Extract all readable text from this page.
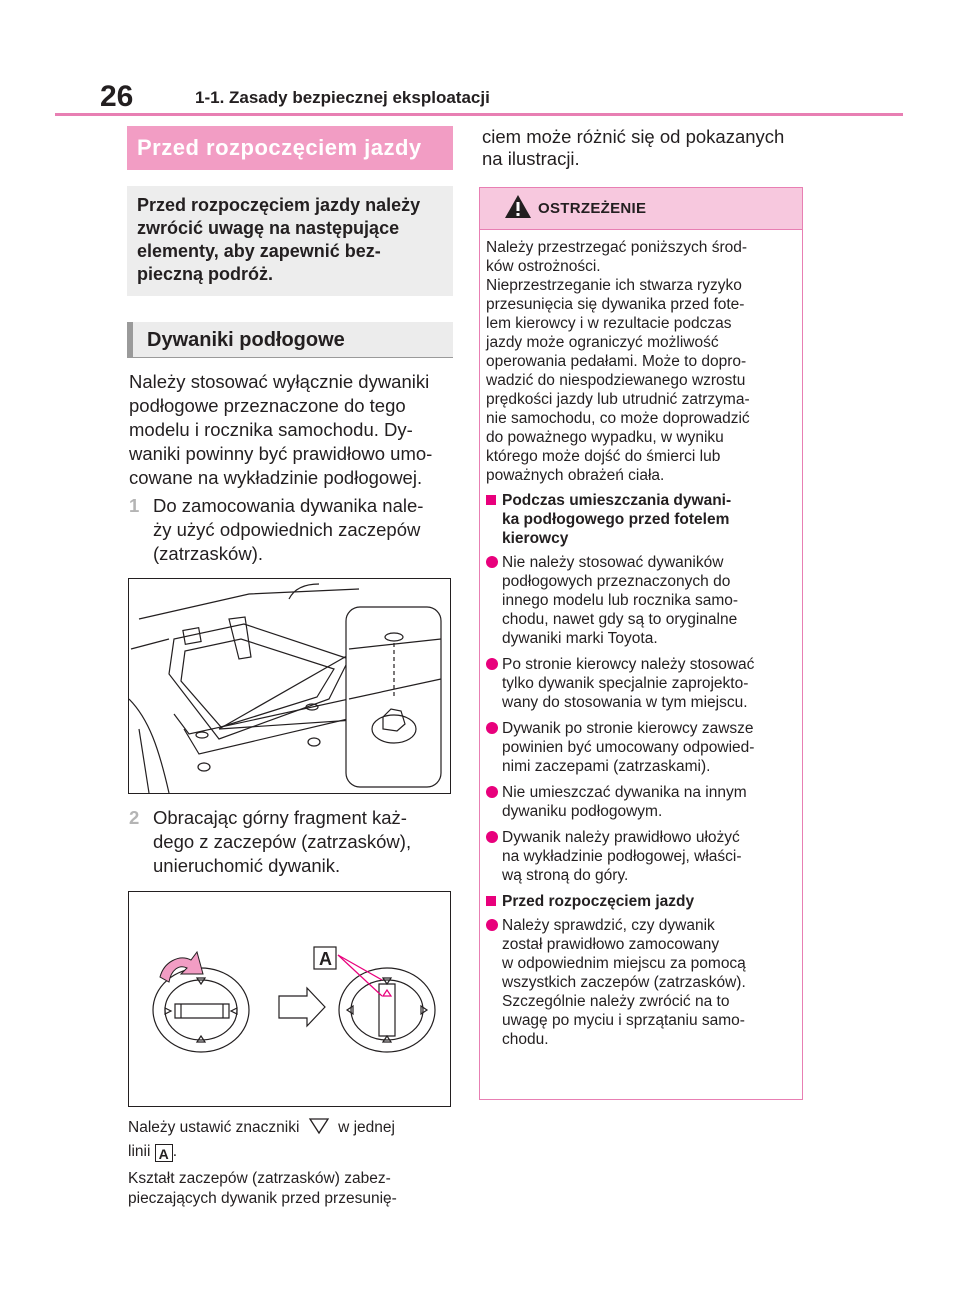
26	1-1. Zasady bezpiecznej eksploatacji
Przed rozpoczęciem jazdy
Przed rozpoczęciem jazdy należy
zwrócić uwagę na następujące
elementy, aby zapewnić bez-
pieczną podróż.
Dywaniki podłogowe
Należy stosować wyłącznie dywaniki
podłogowe przeznaczone do tego
modelu i rocznika samochodu. Dy-
waniki powinny być prawidłowo umo-
cowane na wykładzinie podłogowej.
1 Do zamocowania dywanika nale-
ży użyć odpowiednich zaczepów
(zatrzasków).
2 Obracając górny fragment każ-
dego z zaczepów (zatrzasków),
unieruchomić dywanik.
A
Należy ustawić znaczniki w jednej
linii A .
Kształt zaczepów (zatrzasków) zabez-
pieczających dywanik przed przesunię-
ciem może różnić się od pokazanych
na ilustracji.
OSTRZEŻENIE
Należy przestrzegać poniższych środ-
ków ostrożności.
Nieprzestrzeganie ich stwarza ryzyko
przesunięcia się dywanika przed fote-
lem kierowcy i w rezultacie podczas
jazdy może ograniczyć możliwość
operowania pedałami. Może to dopro-
wadzić do niespodziewanego wzrostu
prędkości jazdy lub utrudnić zatrzyma-
nie samochodu, co może doprowadzić
do poważnego wypadku, w wyniku
którego może dojść do śmierci lub
poważnych obrażeń ciała.
Podczas umieszczania dywani-
ka podłogowego przed fotelem
kierowcy
Nie należy stosować dywaników
podłogowych przeznaczonych do
innego modelu lub rocznika samo-
chodu, nawet gdy są to oryginalne
dywaniki marki Toyota.
Po stronie kierowcy należy stosować
tylko dywanik specjalnie zaprojekto-
wany do stosowania w tym miejscu.
Dywanik po stronie kierowcy zawsze
powinien być umocowany odpowied-
nimi zaczepami (zatrzaskami).
Nie umieszczać dywanika na innym
dywaniku podłogowym.
Dywanik należy prawidłowo ułożyć
na wykładzinie podłogowej, właści-
wą stroną do góry.
Przed rozpoczęciem jazdy
Należy sprawdzić, czy dywanik
został prawidłowo zamocowany
w odpowiednim miejscu za pomocą
wszystkich zaczepów (zatrzasków).
Szczególnie należy zwrócić na to
uwagę po myciu i sprzątaniu samo-
chodu.
